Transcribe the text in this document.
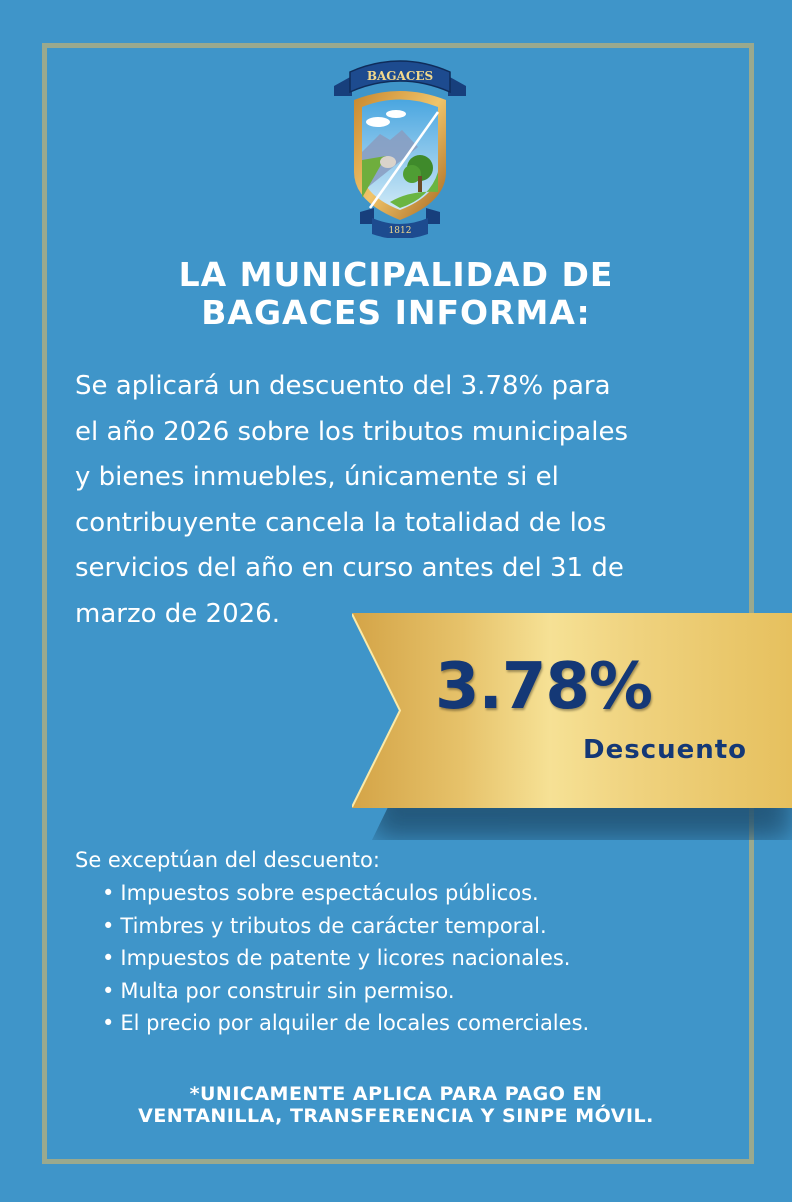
BAGACES
1812
LA MUNICIPALIDAD DE
BAGACES INFORMA:
Se aplicará un descuento del 3.78% para
el año 2026 sobre los tributos municipales
y bienes inmuebles, únicamente si el
contribuyente cancela la totalidad de los
servicios del año en curso antes del 31 de
marzo de 2026.
3.78%
Descuento
Se exceptúan del descuento:
• Impuestos sobre espectáculos públicos.
• Timbres y tributos de carácter temporal.
• Impuestos de patente y licores nacionales.
• Multa por construir sin permiso.
• El precio por alquiler de locales comerciales.
*UNICAMENTE APLICA PARA PAGO EN
VENTANILLA, TRANSFERENCIA Y SINPE MÓVIL.
